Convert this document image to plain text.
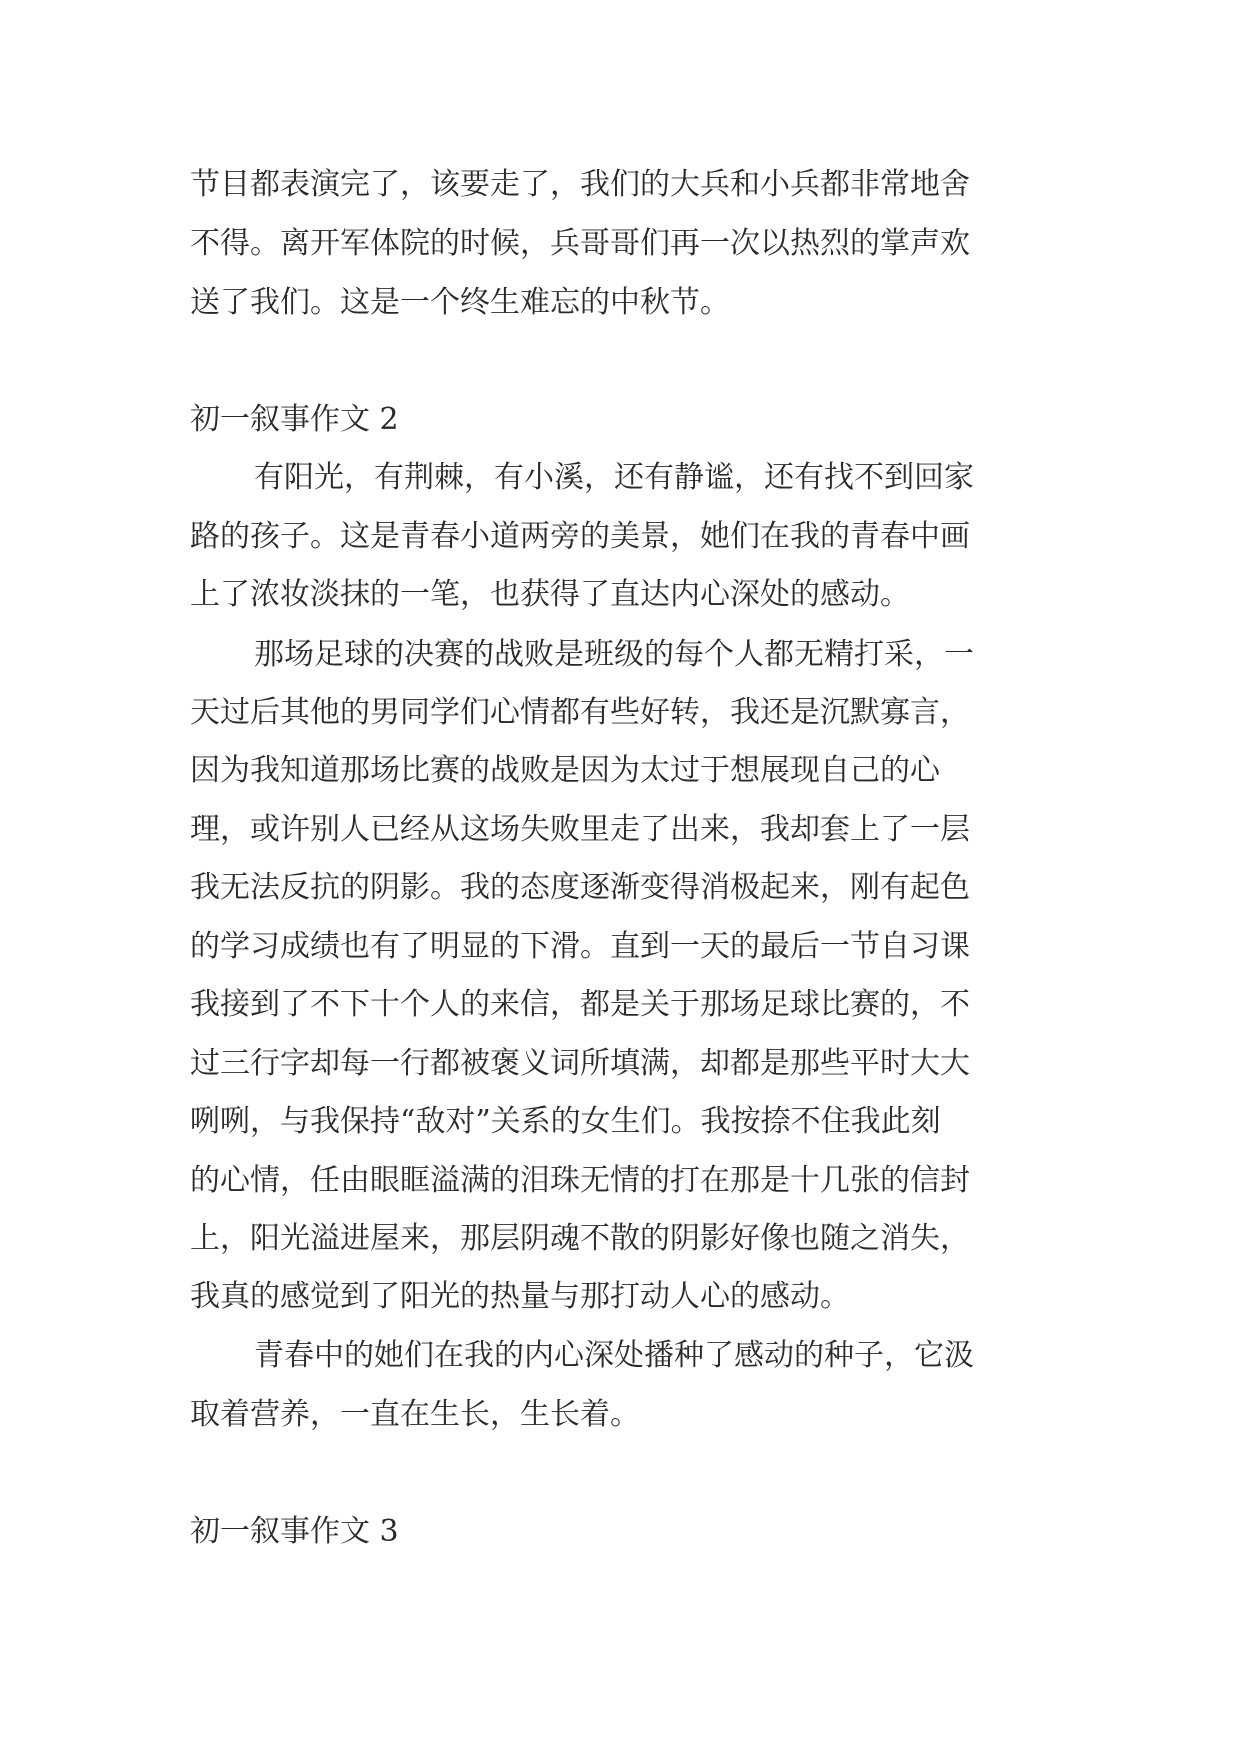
节目都表演完了，该要走了，我们的大兵和小兵都非常地舍
不得。离开军体院的时候，兵哥哥们再一次以热烈的掌声欢
送了我们。这是一个终生难忘的中秋节。
初一叙事作文 2
有阳光，有荆棘，有小溪，还有静谧，还有找不到回家
路的孩子。这是青春小道两旁的美景，她们在我的青春中画
上了浓妆淡抹的一笔，也获得了直达内心深处的感动。
那场足球的决赛的战败是班级的每个人都无精打采，一
天过后其他的男同学们心情都有些好转，我还是沉默寡言，
因为我知道那场比赛的战败是因为太过于想展现自己的心
理，或许别人已经从这场失败里走了出来，我却套上了一层
我无法反抗的阴影。我的态度逐渐变得消极起来，刚有起色
的学习成绩也有了明显的下滑。直到一天的最后一节自习课
我接到了不下十个人的来信，都是关于那场足球比赛的，不
过三行字却每一行都被褒义词所填满，却都是那些平时大大
咧咧，与我保持“敌对”关系的女生们。我按捺不住我此刻
的心情，任由眼眶溢满的泪珠无情的打在那是十几张的信封
上，阳光溢进屋来，那层阴魂不散的阴影好像也随之消失，
我真的感觉到了阳光的热量与那打动人心的感动。
青春中的她们在我的内心深处播种了感动的种子，它汲
取着营养，一直在生长，生长着。
初一叙事作文 3
